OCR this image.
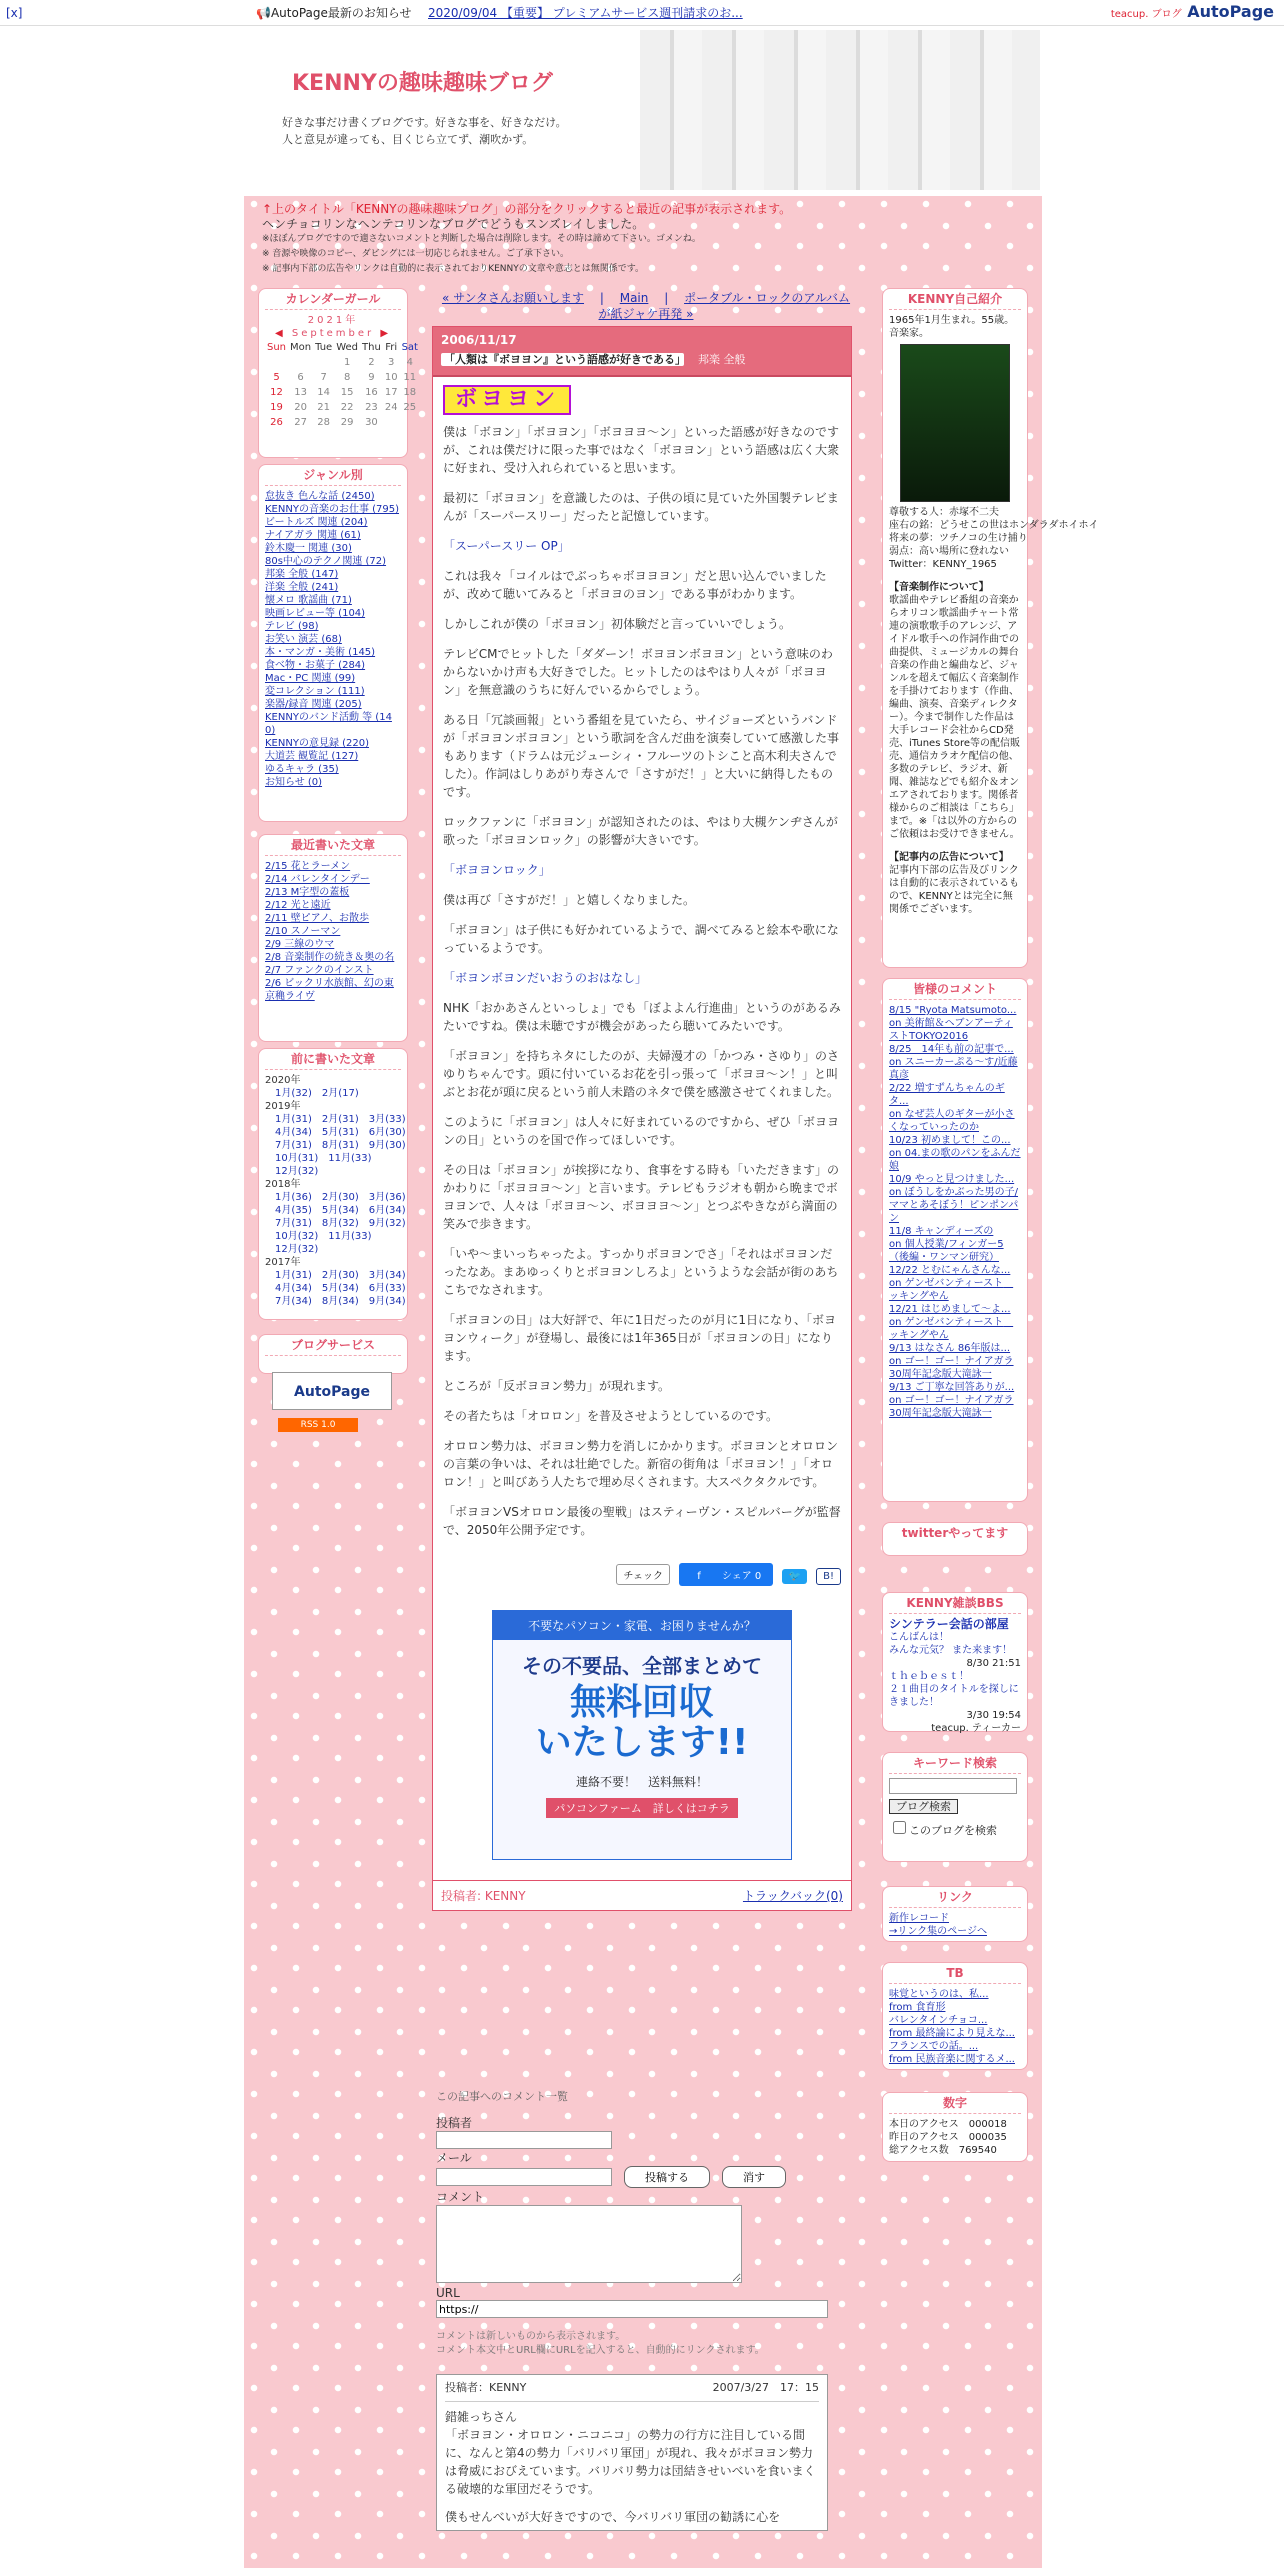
[x]	📢AutoPage最新のお知らせ 2020/09/04 【重要】 プレミアムサービス週刊請求のお...	teacup. ブログ AutoPage
KENNYの趣味趣味ブログ
好きな事だけ書くブログです。好きな事を、好きなだけ。
人と意見が違っても、目くじら立てず、潮吹かず。
↑上のタイトル「KENNYの趣味趣味ブログ」の部分をクリックすると最近の記事が表示されます。
ヘンチョコリンなヘンテコリンなブログでどうもスンズレイしました。
※ほぼんブログですので適さないコメントと判断した場合は削除します。その時は諦めて下さい。ゴメンね。
※ 音源や映像のコピー、ダビングには一切応じられません。ご了承下さい。
※ 記事内下部の広告やリンクは自動的に表示されておりKENNYの文章や意志とは無関係です。
カレンダーガール
2021年
◀ September ▶
Sun	Mon	Tue	Wed	Thu	Fri	Sat
			1	2	3	4
5	6	7	8	9	10	11
12	13	14	15	16	17	18
19	20	21	22	23	24	25
26	27	28	29	30		
ジャンル別
怠抜き 色んな話 (2450)
KENNYの音楽のお仕事 (795)
ビートルズ 関連 (204)
ナイアガラ 関連 (61)
鈴木慶一 関連 (30)
80s中心のテクノ関連 (72)
邦楽 全般 (147)
洋楽 全般 (241)
懐メロ 歌謡曲 (71)
映画レビュー等 (104)
テレビ (98)
お笑い 演芸 (68)
本・マンガ・美術 (145)
食べ物・お菓子 (284)
Mac・PC 関連 (99)
変コレクション (111)
楽器/録音 関連 (205)
KENNYのバンド活動 等 (14
0)
KENNYの意見録 (220)
大道芸 観覧記 (127)
ゆるキャラ (35)
お知らせ (0)
最近書いた文章
2/15 花とラーメン
2/14 バレンタインデー
2/13 M字型の蓋板
2/12 光と遠近
2/11 壁ピアノ、お散歩
2/10 スノーマン
2/9 三線のウマ
2/8 音楽制作の続き＆奥の名
2/7 ファンクのインスト
2/6 ビックリ水族館、幻の東京穐ライヴ
前に書いた文章
2020年
1月(32)　2月(17)
2019年
1月(31)　2月(31)　3月(33)
4月(34)　5月(31)　6月(30)
7月(31)　8月(31)　9月(30)
10月(31)　11月(33)
12月(32)
2018年
1月(36)　2月(30)　3月(36)
4月(35)　5月(34)　6月(34)
7月(31)　8月(32)　9月(32)
10月(32)　11月(33)
12月(32)
2017年
1月(31)　2月(30)　3月(34)
4月(34)　5月(34)　6月(33)
7月(34)　8月(34)　9月(34)
ブログサービス
AutoPage
RSS 1.0
« サンタさんお願いします 　|　 Main 　|　 ポータブル・ロックのアルバムが紙ジャケ再発 »
2006/11/17
「人類は『ボヨヨン』という語感が好きである」　 邦楽 全般
ボヨヨン

僕は「ボヨン」「ボヨヨン」「ボヨヨヨ～ン」といった語感が好きなのですが、これは僕だけに限った事ではなく「ボヨヨン」という語感は広く大衆に好まれ、受け入れられていると思います。

最初に「ボヨヨン」を意識したのは、子供の頃に見ていた外国製テレビまんが「スーパースリー」だったと記憶しています。

「スーパースリー OP」

これは我々「コイルはでぶっちゃボヨヨヨン」だと思い込んでいましたが、改めて聴いてみると「ボヨヨのヨン」である事がわかります。

しかしこれが僕の「ボヨヨン」初体験だと言っていいでしょう。

テレビCMでヒットした「ダダーン！ボヨヨンボヨヨン」という意味のわからないかけ声も大好きでした。ヒットしたのはやはり人々が「ボヨヨン」を無意識のうちに好んでいるからでしょう。

ある日「冗談画報」という番組を見ていたら、サイジョーズというバンドが「ボヨヨンボヨヨン」という歌詞を含んだ曲を演奏していて感激した事もあります（ドラムは元ジューシィ・フルーツのトシこと高木利夫さんでした）。作詞はしりあがり寿さんで「さすがだ！」と大いに納得したものです。

ロックファンに「ボヨヨン」が認知されたのは、やはり大槻ケンヂさんが歌った「ボヨヨンロック」の影響が大きいです。

「ボヨヨンロック」

僕は再び「さすがだ！」と嬉しくなりました。

「ボヨヨン」は子供にも好かれているようで、調べてみると絵本や歌になっているようです。

「ボヨンボヨンだいおうのおはなし」

NHK「おかあさんといっしょ」でも「ぼよよん行進曲」というのがあるみたいですね。僕は未聴ですが機会があったら聴いてみたいです。

「ボヨヨン」を持ちネタにしたのが、夫婦漫才の「かつみ・さゆり」のさゆりちゃんです。頭に付いているお花を引っ張って「ボヨヨ～ン！」と叫ぶとお花が頭に戻るという前人未踏のネタで僕を感激させてくれました。

このように「ボヨヨン」は人々に好まれているのですから、ぜひ「ボヨヨンの日」というのを国で作ってほしいです。

その日は「ボヨヨン」が挨拶になり、食事をする時も「いただきます」のかわりに「ボヨヨヨ～ン」と言います。テレビもラジオも朝から晩までボヨヨンで、人々は「ボヨヨ～ン、ボヨヨヨ～ン」とつぶやきながら満面の笑みで歩きます。

「いや～まいっちゃったよ。すっかりボヨヨンでさ」「それはボヨヨンだったなあ。まあゆっくりとボヨヨンしろよ」というような会話が街のあちこちでなされます。

「ボヨヨンの日」は大好評で、年に1日だったのが月に1日になり、「ボヨヨンウィーク」が登場し、最後には1年365日が「ボヨヨンの日」になります。

ところが「反ボヨヨン勢力」が現れます。

その者たちは「オロロン」を普及させようとしているのです。

オロロン勢力は、ボヨヨン勢力を消しにかかります。ボヨヨンとオロロンの言葉の争いは、それは壮絶でした。新宿の街角は「ボヨヨン！」「オロロン！」と叫びあう人たちで埋め尽くされます。大スペクタクルです。

「ボヨヨンVSオロロン最後の聖戦」はスティーヴン・スピルバーグが監督で、2050年公開予定です。

チェック	f シェア 0	🐦 B!
不要なパソコン・家電、お困りませんか？
その不要品、全部まとめて
無料回収
いたします!!
連絡不要！　送料無料！
パソコンファーム　詳しくはコチラ
投稿者: KENNY	トラックバック(0)
この記事へのコメント一覧
投稿者
メール
投稿する	消す
コメント
URL
https://
コメントは新しいものから表示されます。
コメント本文中とURL欄にURLを記入すると、自動的にリンクされます。
投稿者：KENNY	2007/3/27　17：15
錯雑っちさん
「ボヨヨン・オロロン・ニコニコ」の勢力の行方に注目している間に、なんと第4の勢力「バリバリ軍団」が現れ、我々がボヨヨン勢力は脅威におびえています。バリバリ勢力は団結きせいべいを食いまくる破壊的な軍団だそうです。
僕もせんべいが大好きですので、今バリバリ軍団の勧誘に心を
KENNY自己紹介
1965年1月生まれ。55歳。
音楽家。
尊敬する人：赤塚不二夫
座右の銘：どうせこの世はホンダラダホイホイ
将来の夢：ツチノコの生け捕り
弱点：高い場所に登れない
Twitter：KENNY_1965
【音楽制作について】
歌謡曲やテレビ番組の音楽からオリコン歌謡曲チャート常連の演歌歌手のアレンジ、アイドル歌手への作詞作曲での曲提供、ミュージカルの舞台音楽の作曲と編曲など、ジャンルを超えて幅広く音楽制作を手掛けております（作曲、編曲、演奏、音楽ディレクター）。今まで制作した作品は大手レコード会社からCD発売、iTunes Store等の配信販売、通信カラオケ配信の他、多数のテレビ、ラジオ、新聞、雑誌などでも紹介＆オンエアされております。関係者様からのご相談は「こちら」まで。※「は以外の方からのご依頼はお受けできません。
【記事内の広告について】
記事内下部の広告及びリンクは自動的に表示されているもので、KENNYとは完全に無関係でございます。
皆様のコメント
8/15 "Ryota Matsumoto...
on 美術館＆ヘブンアーティストTOKYO2016
8/25　14年も前の記事で...
on スニーカーぷる～す/近藤真彦
2/22 増すずんちゃんのギタ...
on なぜ芸人のギターが小さくなっていったのか
10/23 初めまして！この...
on 04.まの歌のパンをふんだ娘
10/9 やっと見つけました...
on ぼうしをかぶった男の子/ママとあそぼう！ピンポンパン
11/8 キャンディーズの
on 個人授業/フィンガー5（後編・ワンマン研究）
12/22 とむにゃんさんな...
on ゲンゼバンティースト　ッキングやん
12/21 はじめまして～よ...
on ゲンゼバンティースト　ッキングやん
9/13 はなさん 86年版は...
on ゴー！ゴー！ナイアガラ 30周年記念版大滝詠一
9/13 ご丁寧な回答ありが...
on ゴー！ゴー！ナイアガラ 30周年記念版大滝詠一
twitterやってます
KENNY雑談BBS
シンテラー会話の部屋
こんばんは！
みんな元気？ また来ます！
8/30 21:51
ｔｈｅｂｅｓｔ！
２１曲目のタイトルを探しにきました！
3/30 19:54
teacup. ティーカー
キーワード検索
ブログ検索
このブログを検索
リンク
新作レコード
→リンク集のページへ
TB
味覚というのは、私...
from 食育形
バレンタインチョコ...
from 最終論により見えな...
フランスでの話。...
from 民族音楽に関するメ...
数字
本日のアクセス　 000018
昨日のアクセス　 000035
総アクセス数　 769540
